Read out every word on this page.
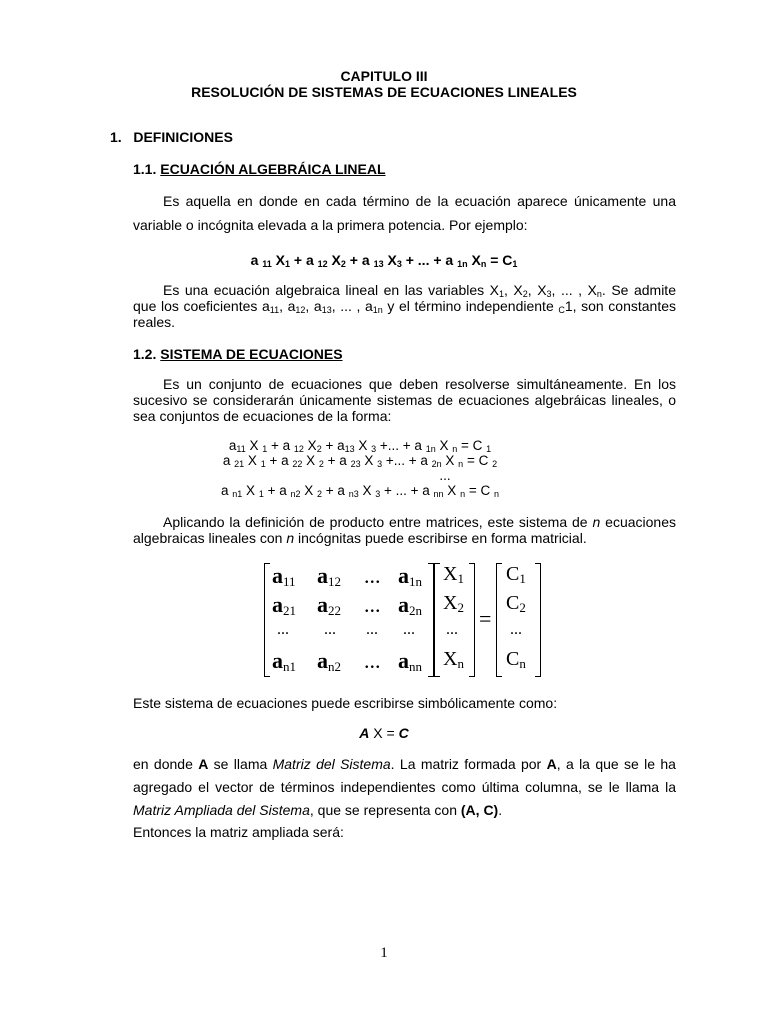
CAPITULO III
RESOLUCIÓN DE SISTEMAS DE ECUACIONES LINEALES
1. DEFINICIONES
1.1. ECUACIÓN ALGEBRÁICA LINEAL
Es aquella en donde en cada término de la ecuación aparece únicamente una variable o incógnita elevada a la primera potencia. Por ejemplo:
a $_{11}$ $X_1 + a$ $_{12}$ $X_2 + a$ $_{13}$ $X_3$ + ... + a $_{1n}$ $X_n = C_1$
Es una ecuación algebraica lineal en las variables $X_1$, $X_2$, $X_3$, ... , $X_n$. Se admite que los coeficientes $a_{11}$, $a_{12}$, $a_{13}$, ... , $a_{1n}$ y el término independiente $_C$1, son constantes reales.
1.2. SISTEMA DE ECUACIONES
Es un conjunto de ecuaciones que deben resolverse simultáneamente. En los sucesivo se considerarán únicamente sistemas de ecuaciones algebráicas lineales, o sea conjuntos de ecuaciones de la forma:
$a_{11}$ X $_1$ + a $_{12}$ $X_2 + a_{13}$ X $_3$ +... + a $_{1n}$ X $_n$ = C $_1$
a $_{21}$ X $_1$ + a $_{22}$ X $_2$ + a $_{23}$ X $_3$ +... + a $_{2n}$ X $_n$ = C $_2$
...
a $_{n1}$ X $_1$ + a $_{n2}$ X $_2$ + a $_{n3}$ X $_3$ + ... + a $_{nn}$ X $_n$ = C $_n$
Aplicando la definición de producto entre matrices, este sistema de n ecuaciones algebraicas lineales con n incógnitas puede escribirse en forma matricial.
$a_{11}$ $a_{12}$ ... $a_{1n}$
$a_{21}$ $a_{22}$ ... $a_{2n}$
... ... ... ...
$a_{n1}$ $a_{n2}$ ... $a_{nn}$
$X_1$
$X_2$
...
$X_n$
=
$C_1$
$C_2$
...
$C_n$
Este sistema de ecuaciones puede escribirse simbólicamente como:
A X = C
en donde A se llama Matriz del Sistema. La matriz formada por A, a la que se le ha agregado el vector de términos independientes como última columna, se le llama la Matriz Ampliada del Sistema, que se representa con (A, C).
Entonces la matriz ampliada será:
1
